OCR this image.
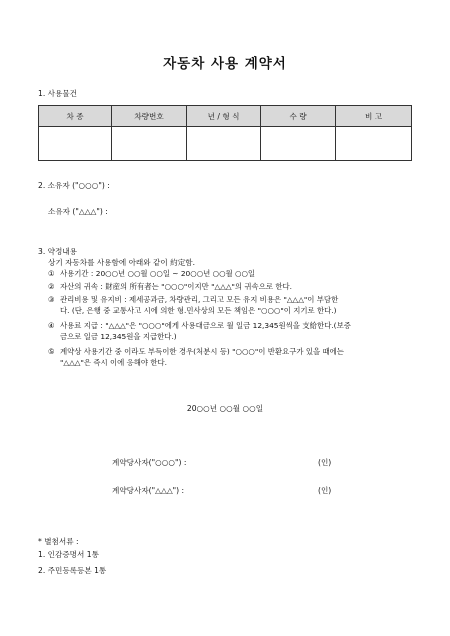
자동차 사용 계약서
1. 사용물건
차 종	차량번호	년 / 형 식	수 량	비 고

2. 소유자 ("○○○") :
소유자 ("△△△") :
3. 약정내용
상기 자동차를 사용함에 아래와 같이 約定함.
① 사용기간 : 20○○년 ○○월 ○○일 ~ 20○○년 ○○월 ○○일
② 자산의 귀속 : 財産의 所有者는 "○○○"이지만 "△△△"의 귀속으로 한다.
③ 관리비용 및 유지비 : 제세공과금, 차량관리, 그리고 모든 유지 비용은 "△△△"이 부담한
다. (단, 은행 중 교통사고 시에 의한 형.민사상의 모든 책임은 "○○○"이 지기로 한다.)
④ 사용료 지급 : "△△△"은 "○○○"에게 사용대금으로 월 일금 12,345원씩을 支給한다.(보증
금으로 일금 12,345원을 지급한다.)
⑤ 계약상 사용기간 중 이라도 부득이한 경우(처분시 등) "○○○"이 반환요구가 있을 때에는
"△△△"은 즉시 이에 응해야 한다.
20○○년 ○○월 ○○일
계약당사자("○○○") :	(인)
계약당사자("△△△") :	(인)
* 별첨서류 :
1. 인감증명서 1통
2. 주민등록등본 1통
